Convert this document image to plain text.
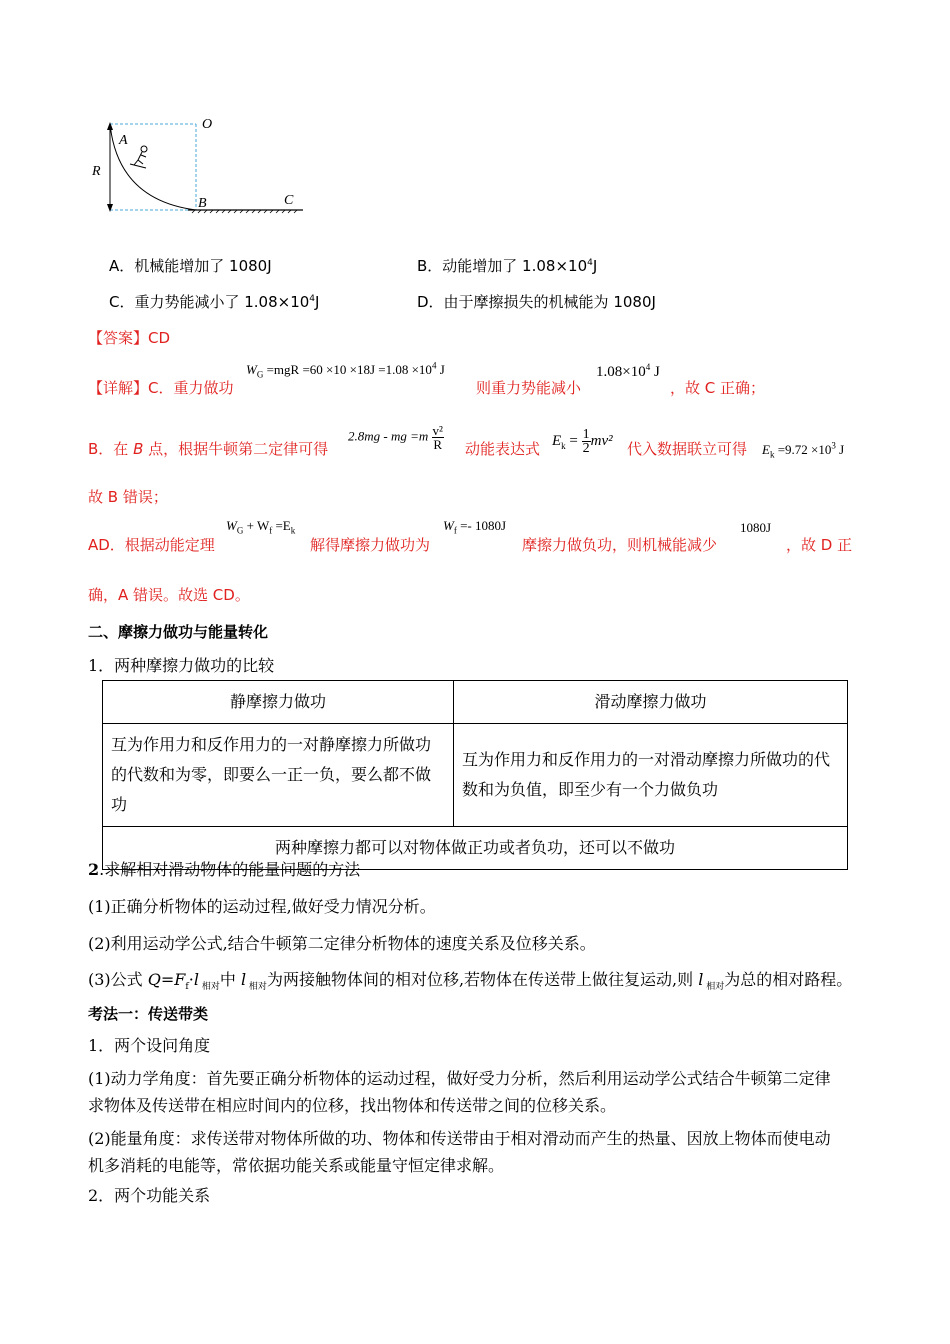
O
A
R
B	C
A．机械能增加了 1080J	B．动能增加了 $1.08\times 10^4J$
C．重力势能减小了 $1.08\times 10^4J$	D．由于摩擦损失的机械能为 1080J
【答案】CD
【详解】C．重力做功
$W_G =mgR =60 \times 10 \times 18J =1.08 \times 10^4$ J
则重力势能减小
$1.08\times 10^4$ J
，故 C 正确；
B．在 B 点，根据牛顿第二定律可得
2.8mg - mg $=m \frac{\text{v²}}{R}$ 动能表达式 $E_k = \frac{1}{2} mv^2$ 代入数据联立可得 $E_k =9.72 \times 10^3$ J
故 B 错误；
AD．根据动能定理
$W_G + W_f =E_k$
解得摩擦力做功为
$W_f =- 1080J$
摩擦力做负功，则机械能减少
1080J
，故 D 正
确，A 错误。故选 CD。
二、摩擦力做功与能量转化
1．两种摩擦力做功的比较
静摩擦力做功	滑动摩擦力做功
互为作用力和反作用力的一对静摩擦力所做功的代数和为零，即要么一正一负，要么都不做功	互为作用力和反作用力的一对滑动摩擦力所做功的代数和为负值，即至少有一个力做负功
两种摩擦力都可以对物体做正功或者负功，还可以不做功	
2.求解相对滑动物体的能量问题的方法
(1)正确分析物体的运动过程,做好受力情况分析。
(2)利用运动学公式,结合牛顿第二定律分析物体的速度关系及位移关系。
(3)公式 $Q=F_f\cdot l$ $_{相对}$中 l $_{相对}$为两接触物体间的相对位移,若物体在传送带上做往复运动,则 l $_{相对}$为总的相对路程。
考法一：传送带类
1．两个设问角度
(1)动力学角度：首先要正确分析物体的运动过程，做好受力分析，然后利用运动学公式结合牛顿第二定律
求物体及传送带在相应时间内的位移，找出物体和传送带之间的位移关系。
(2)能量角度：求传送带对物体所做的功、物体和传送带由于相对滑动而产生的热量、因放上物体而使电动
机多消耗的电能等，常依据功能关系或能量守恒定律求解。
2．两个功能关系
